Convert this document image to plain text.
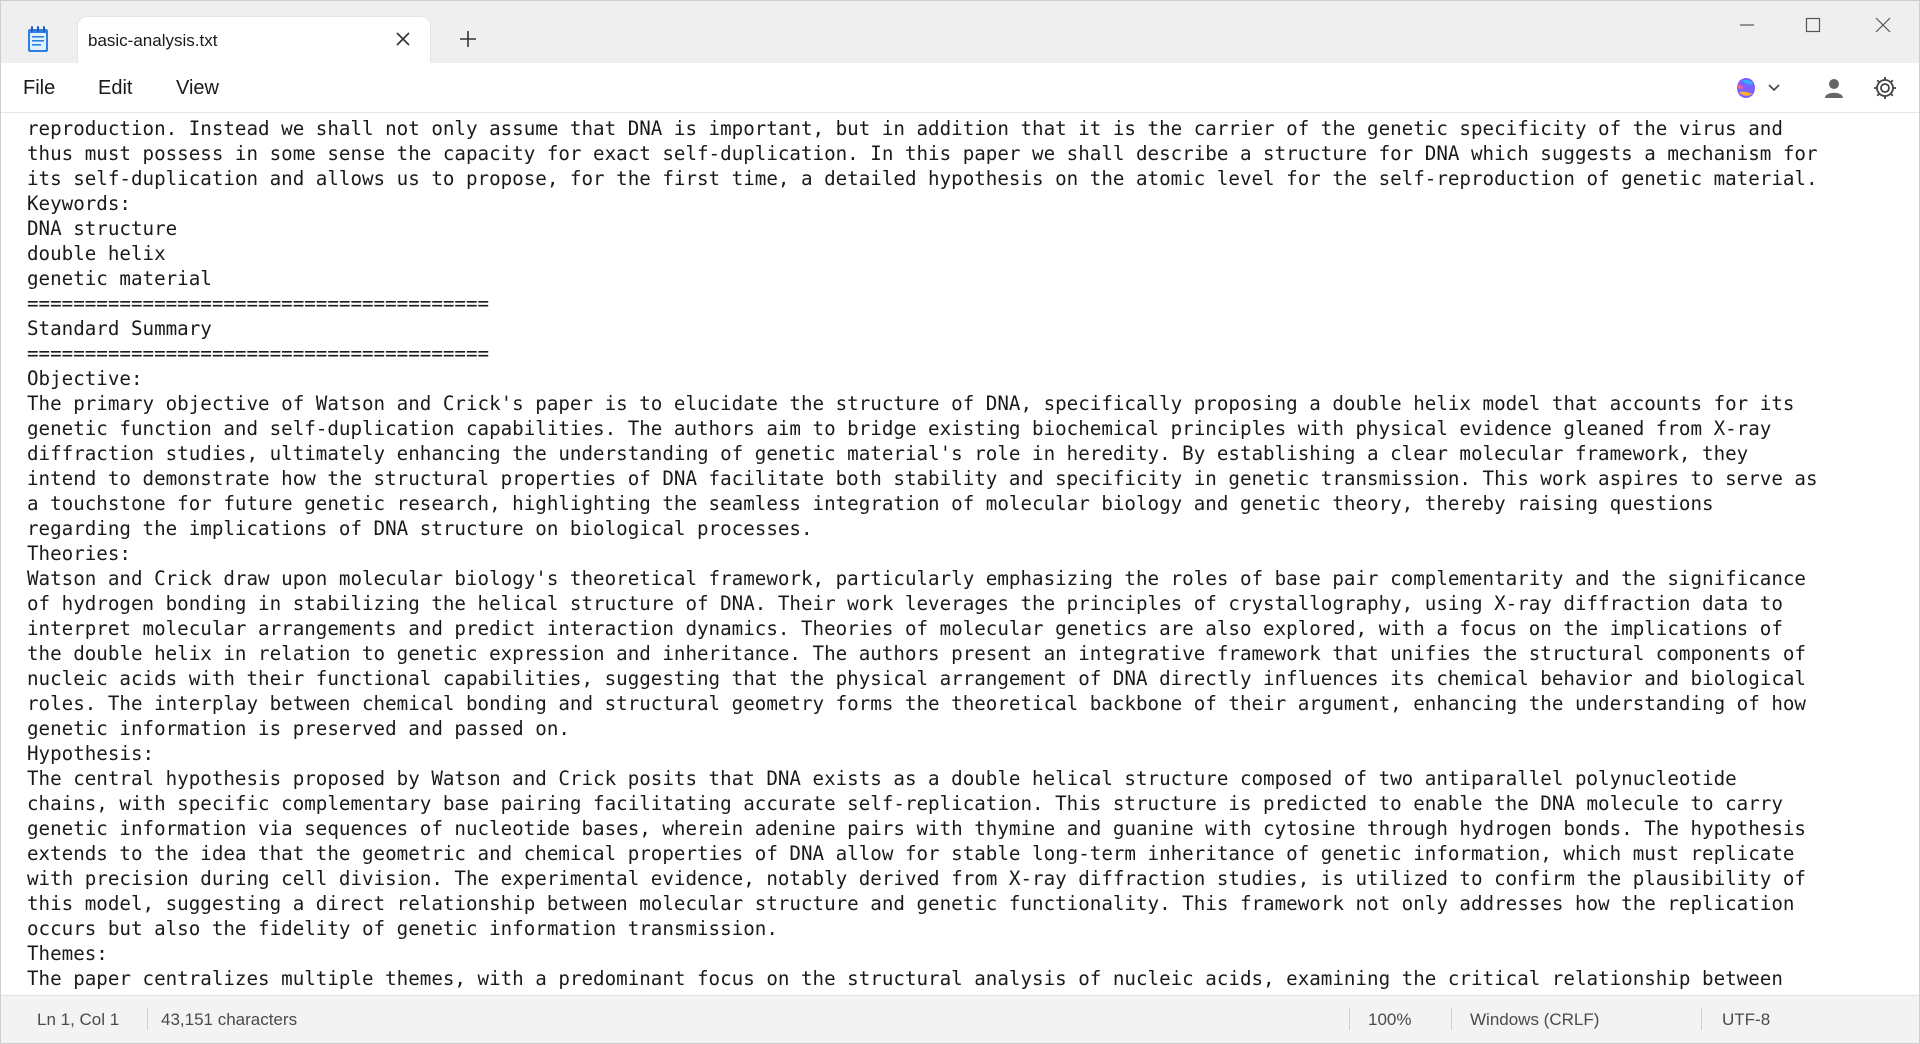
basic-analysis.txt
File Edit View
reproduction. Instead we shall not only assume that DNA is important, but in addition that it is the carrier of the genetic specificity of the virus and
thus must possess in some sense the capacity for exact self-duplication. In this paper we shall describe a structure for DNA which suggests a mechanism for
its self-duplication and allows us to propose, for the first time, a detailed hypothesis on the atomic level for the self-reproduction of genetic material.
Keywords:
DNA structure
double helix
genetic material
========================================
Standard Summary
========================================
Objective:
The primary objective of Watson and Crick's paper is to elucidate the structure of DNA, specifically proposing a double helix model that accounts for its
genetic function and self-duplication capabilities. The authors aim to bridge existing biochemical principles with physical evidence gleaned from X-ray
diffraction studies, ultimately enhancing the understanding of genetic material's role in heredity. By establishing a clear molecular framework, they
intend to demonstrate how the structural properties of DNA facilitate both stability and specificity in genetic transmission. This work aspires to serve as
a touchstone for future genetic research, highlighting the seamless integration of molecular biology and genetic theory, thereby raising questions
regarding the implications of DNA structure on biological processes.
Theories:
Watson and Crick draw upon molecular biology's theoretical framework, particularly emphasizing the roles of base pair complementarity and the significance
of hydrogen bonding in stabilizing the helical structure of DNA. Their work leverages the principles of crystallography, using X-ray diffraction data to
interpret molecular arrangements and predict interaction dynamics. Theories of molecular genetics are also explored, with a focus on the implications of
the double helix in relation to genetic expression and inheritance. The authors present an integrative framework that unifies the structural components of
nucleic acids with their functional capabilities, suggesting that the physical arrangement of DNA directly influences its chemical behavior and biological
roles. The interplay between chemical bonding and structural geometry forms the theoretical backbone of their argument, enhancing the understanding of how
genetic information is preserved and passed on.
Hypothesis:
The central hypothesis proposed by Watson and Crick posits that DNA exists as a double helical structure composed of two antiparallel polynucleotide
chains, with specific complementary base pairing facilitating accurate self-replication. This structure is predicted to enable the DNA molecule to carry
genetic information via sequences of nucleotide bases, wherein adenine pairs with thymine and guanine with cytosine through hydrogen bonds. The hypothesis
extends to the idea that the geometric and chemical properties of DNA allow for stable long-term inheritance of genetic information, which must replicate
with precision during cell division. The experimental evidence, notably derived from X-ray diffraction studies, is utilized to confirm the plausibility of
this model, suggesting a direct relationship between molecular structure and genetic functionality. This framework not only addresses how the replication
occurs but also the fidelity of genetic information transmission.
Themes:
The paper centralizes multiple themes, with a predominant focus on the structural analysis of nucleic acids, examining the critical relationship between
Ln 1, Col 1 43,151 characters	100%	Windows (CRLF)	UTF-8
